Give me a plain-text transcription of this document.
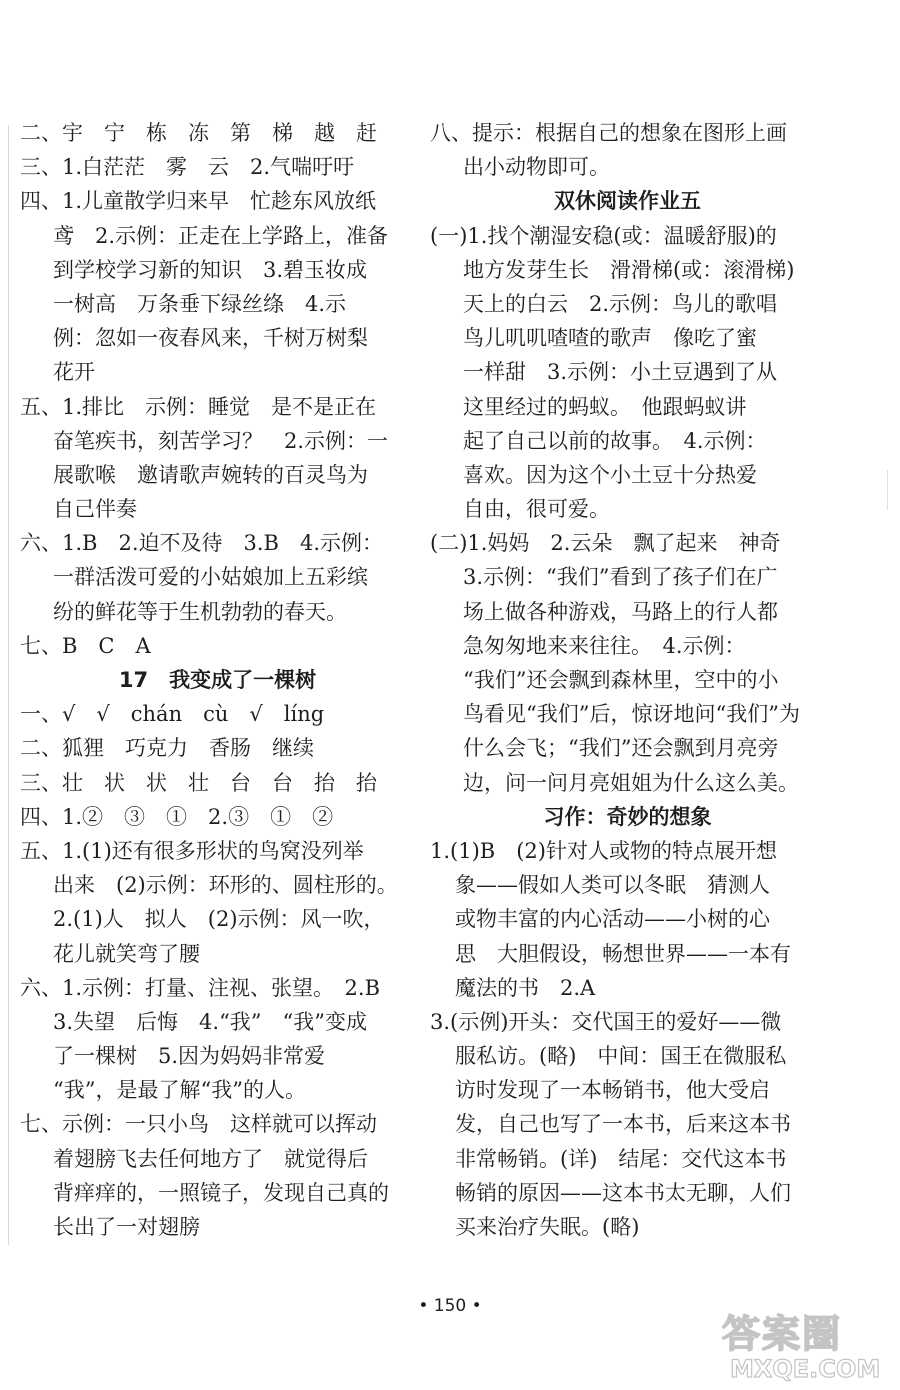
二、宇　宁　栋　冻　第　梯　越　赶
三、1.白茫茫　雾　云　2.气喘吁吁
四、1.儿童散学归来早　忙趁东风放纸
鸢　2.示例：正走在上学路上，准备
到学校学习新的知识　3.碧玉妆成
一树高　万条垂下绿丝绦　4.示
例：忽如一夜春风来，千树万树梨
花开
五、1.排比　示例：睡觉　是不是正在
奋笔疾书，刻苦学习？　2.示例：一
展歌喉　邀请歌声婉转的百灵鸟为
自己伴奏
六、1.B　2.迫不及待　3.B　4.示例：
一群活泼可爱的小姑娘加上五彩缤
纷的鲜花等于生机勃勃的春天。
七、B　C　A
17　我变成了一棵树
一、√　√　chán　cù　√　líng
二、狐狸　巧克力　香肠　继续
三、壮　状　状　壮　台　台　抬　抬
四、1.②　③　①　2.③　①　②
五、1.(1)还有很多形状的鸟窝没列举
出来　(2)示例：环形的、圆柱形的。
2.(1)人　拟人　(2)示例：风一吹，
花儿就笑弯了腰
六、1.示例：打量、注视、张望。　2.B
3.失望　后悔　4.“我”　“我”变成
了一棵树　5.因为妈妈非常爱
“我”，是最了解“我”的人。
七、示例：一只小鸟　这样就可以挥动
着翅膀飞去任何地方了　就觉得后
背痒痒的，一照镜子，发现自己真的
长出了一对翅膀
八、提示：根据自己的想象在图形上画
出小动物即可。
双休阅读作业五
(一)1.找个潮湿安稳(或：温暖舒服)的
地方发芽生长　滑滑梯(或：滚滑梯)
天上的白云　2.示例：鸟儿的歌唱
鸟儿叽叽喳喳的歌声　像吃了蜜
一样甜　3.示例：小土豆遇到了从
这里经过的蚂蚁。　他跟蚂蚁讲
起了自己以前的故事。　4.示例：
喜欢。因为这个小土豆十分热爱
自由，很可爱。
(二)1.妈妈　2.云朵　飘了起来　神奇
3.示例：“我们”看到了孩子们在广
场上做各种游戏，马路上的行人都
急匆匆地来来往往。　4.示例：
“我们”还会飘到森林里，空中的小
鸟看见“我们”后，惊讶地问“我们”为
什么会飞；“我们”还会飘到月亮旁
边，问一问月亮姐姐为什么这么美。
习作：奇妙的想象
1.(1)B　(2)针对人或物的特点展开想
象——假如人类可以冬眠　猜测人
或物丰富的内心活动——小树的心
思　大胆假设，畅想世界——一本有
魔法的书　2.A
3.(示例)开头：交代国王的爱好——微
服私访。(略)　中间：国王在微服私
访时发现了一本畅销书，他大受启
发，自己也写了一本书，后来这本书
非常畅销。(详)　结尾：交代这本书
畅销的原因——这本书太无聊，人们
买来治疗失眠。(略)
• 150 •
答案圈
MXQE.COM
